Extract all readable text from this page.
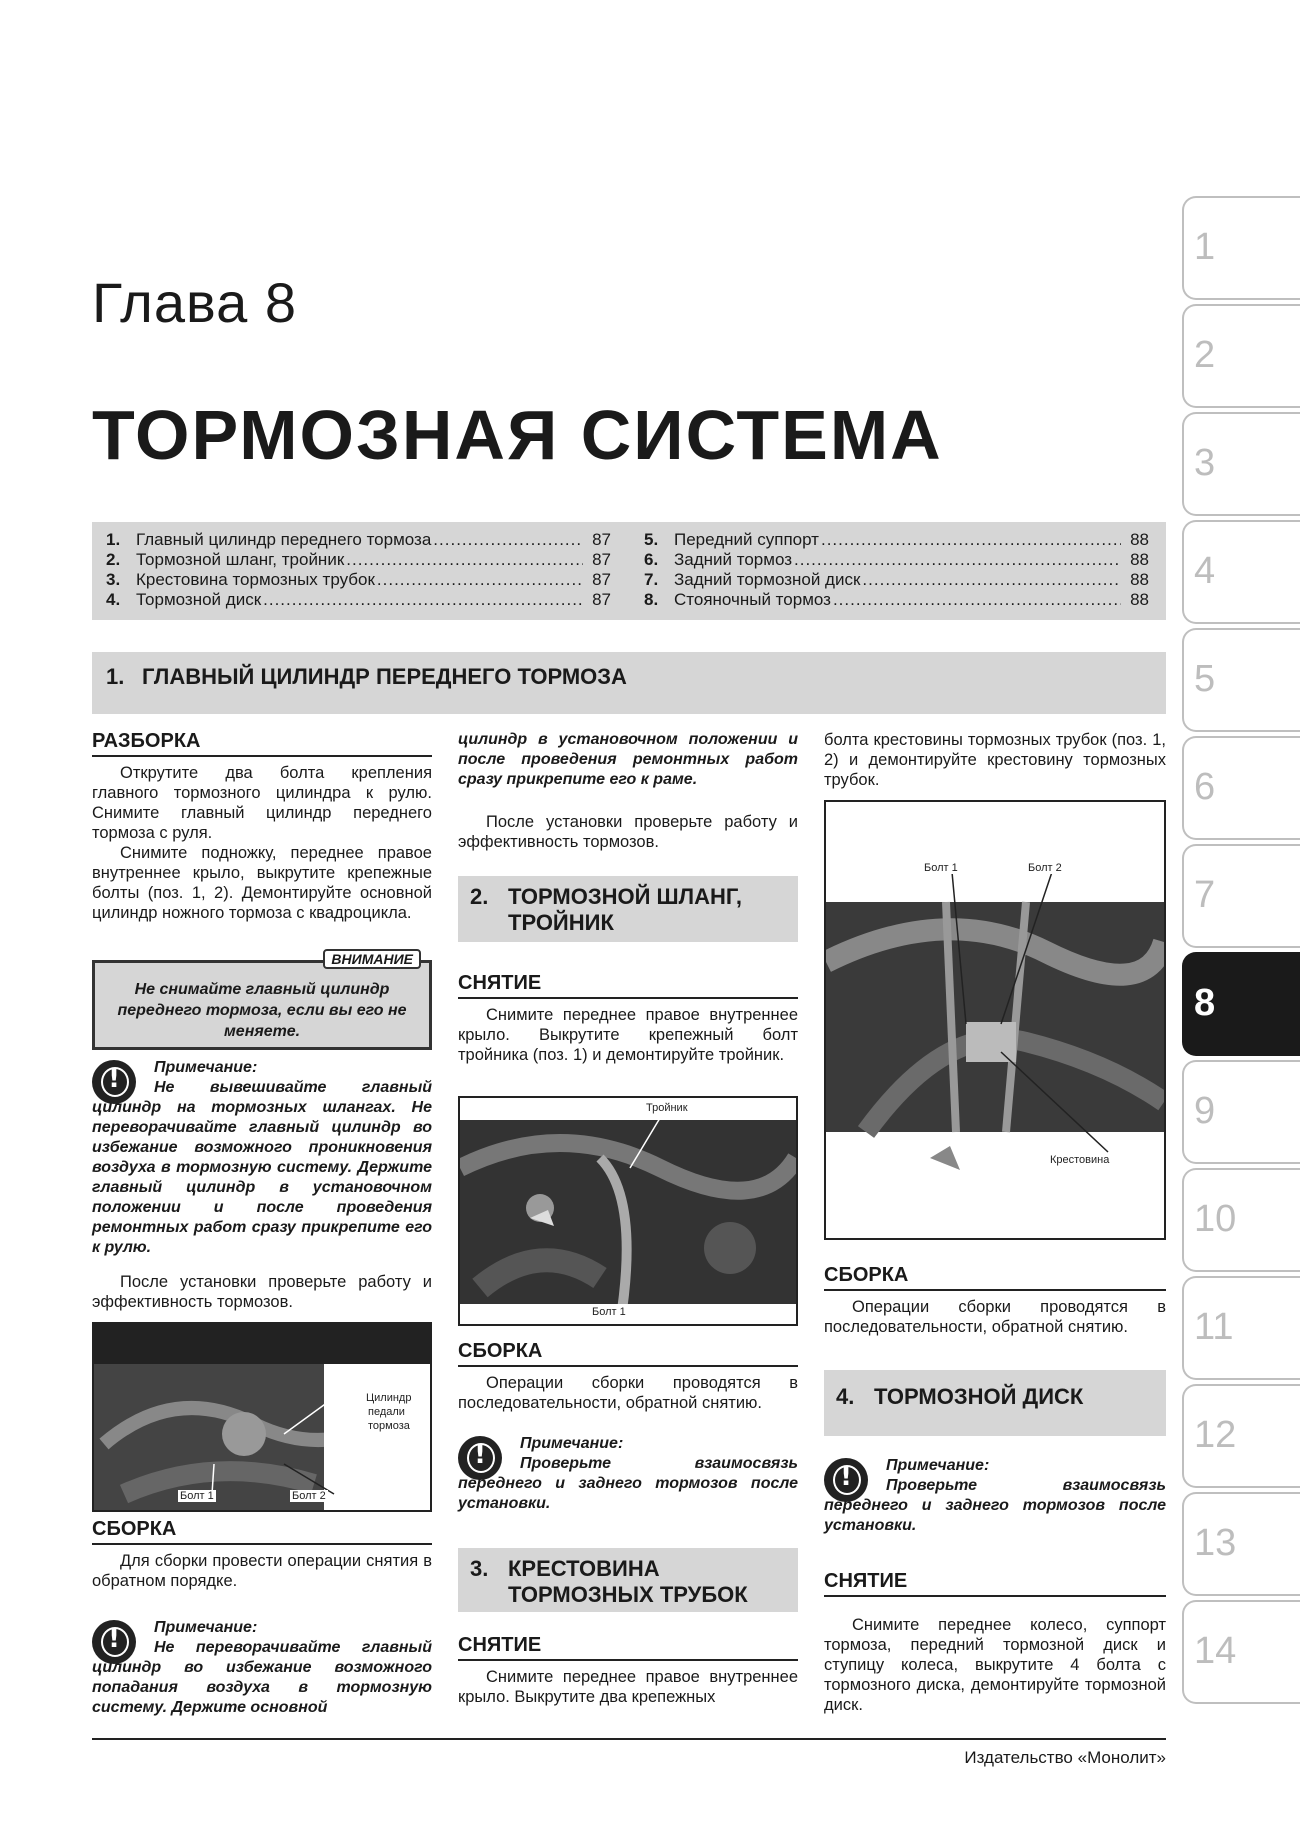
Глава 8
ТОРМОЗНАЯ СИСТЕМА
1. Главный цилиндр переднего тормоза .....	87
2. Тормозной шланг, тройник .....	87
3. Крестовина тормозных трубок .....	87
4. Тормозной диск .....	87
5. Передний суппорт .....	88
6. Задний тормоз .....	88
7. Задний тормозной диск .....	88
8. Стояночный тормоз .....	88
1. ГЛАВНЫЙ ЦИЛИНДР ПЕРЕДНЕГО ТОРМОЗА
РАЗБОРКА

Открутите два болта крепления главного тормозного цилиндра к рулю. Снимите главный цилиндр переднего тормоза с руля.

Снимите подножку, переднее правое внутреннее крыло, выкрутите крепежные болты (поз. 1, 2). Демонтируйте основной цилиндр ножного тормоза с квадроцикла.

ВНИМАНИЕ
Не снимайте главный цилиндр переднего тормоза, если вы его не меняете.
!

Примечание:

Не вывешивайте главный цилиндр на тормозных шлангах. Не переворачивайте главный цилиндр во избежание возможного проникновения воздуха в тормозную систему. Держите главный цилиндр в установочном положении и после проведения ремонтных работ сразу прикрепите его к рулю.

После установки проверьте работу и эффективность тормозов.

Цилиндр
педали
тормоза
Болт 1	Болт 2
СБОРКА

Для сборки провести операции снятия в обратном порядке.

!

Примечание:

Не переворачивайте главный цилиндр во избежание возможного попадания воздуха в тормозную систему. Держите основной

цилиндр в установочном положении и после проведения ремонтных работ сразу прикрепите его к раме.

После установки проверьте работу и эффективность тормозов.

2. ТОРМОЗНОЙ ШЛАНГ,
ТРОЙНИК
СНЯТИЕ

Снимите переднее правое внутреннее крыло. Выкрутите крепежный болт тройника (поз. 1) и демонтируйте тройник.

Тройник
Болт 1
СБОРКА

Операции сборки проводятся в последовательности, обратной снятию.

!

Примечание:

Проверьте взаимосвязь переднего и заднего тормозов после установки.

3. КРЕСТОВИНА
ТОРМОЗНЫХ ТРУБОК
СНЯТИЕ

Снимите переднее правое внутреннее крыло. Выкрутите два крепежных

болта крестовины тормозных трубок (поз. 1, 2) и демонтируйте крестовину тормозных трубок.

Болт 1	Болт 2
Крестовина
СБОРКА

Операции сборки проводятся в последовательности, обратной снятию.

4. ТОРМОЗНОЙ ДИСК
!

Примечание:

Проверьте взаимосвязь переднего и заднего тормозов после установки.

СНЯТИЕ

Снимите переднее колесо, суппорт тормоза, передний тормозной диск и ступицу колеса, выкрутите 4 болта с тормозного диска, демонтируйте тормозной диск.

1
2
3
4
5
6
7
8
9
10
11
12
13
14
Издательство «Монолит»
